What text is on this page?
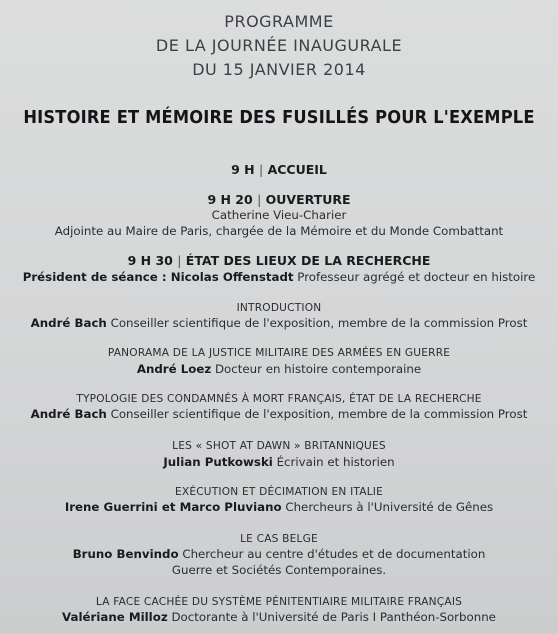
PROGRAMME
DE LA JOURNÉE INAUGURALE
DU 15 JANVIER 2014
HISTOIRE ET MÉMOIRE DES FUSILLÉS POUR L'EXEMPLE
9 H | ACCUEIL
9 H 20 | OUVERTURE
Catherine Vieu-Charier
Adjointe au Maire de Paris, chargée de la Mémoire et du Monde Combattant
9 H 30 | ÉTAT DES LIEUX DE LA RECHERCHE
Président de séance : Nicolas Offenstadt Professeur agrégé et docteur en histoire
INTRODUCTION
André Bach Conseiller scientifique de l'exposition, membre de la commission Prost
PANORAMA DE LA JUSTICE MILITAIRE DES ARMÉES EN GUERRE
André Loez Docteur en histoire contemporaine
TYPOLOGIE DES CONDAMNÉS À MORT FRANÇAIS, ÉTAT DE LA RECHERCHE
André Bach Conseiller scientifique de l'exposition, membre de la commission Prost
LES « SHOT AT DAWN » BRITANNIQUES
Julian Putkowski Écrivain et historien
EXÉCUTION ET DÉCIMATION EN ITALIE
Irene Guerrini et Marco Pluviano Chercheurs à l'Université de Gênes
LE CAS BELGE
Bruno Benvindo Chercheur au centre d'études et de documentation
Guerre et Sociétés Contemporaines.
LA FACE CACHÉE DU SYSTÈME PÉNITENTIAIRE MILITAIRE FRANÇAIS
Valériane Milloz Doctorante à l'Université de Paris I Panthéon-Sorbonne
